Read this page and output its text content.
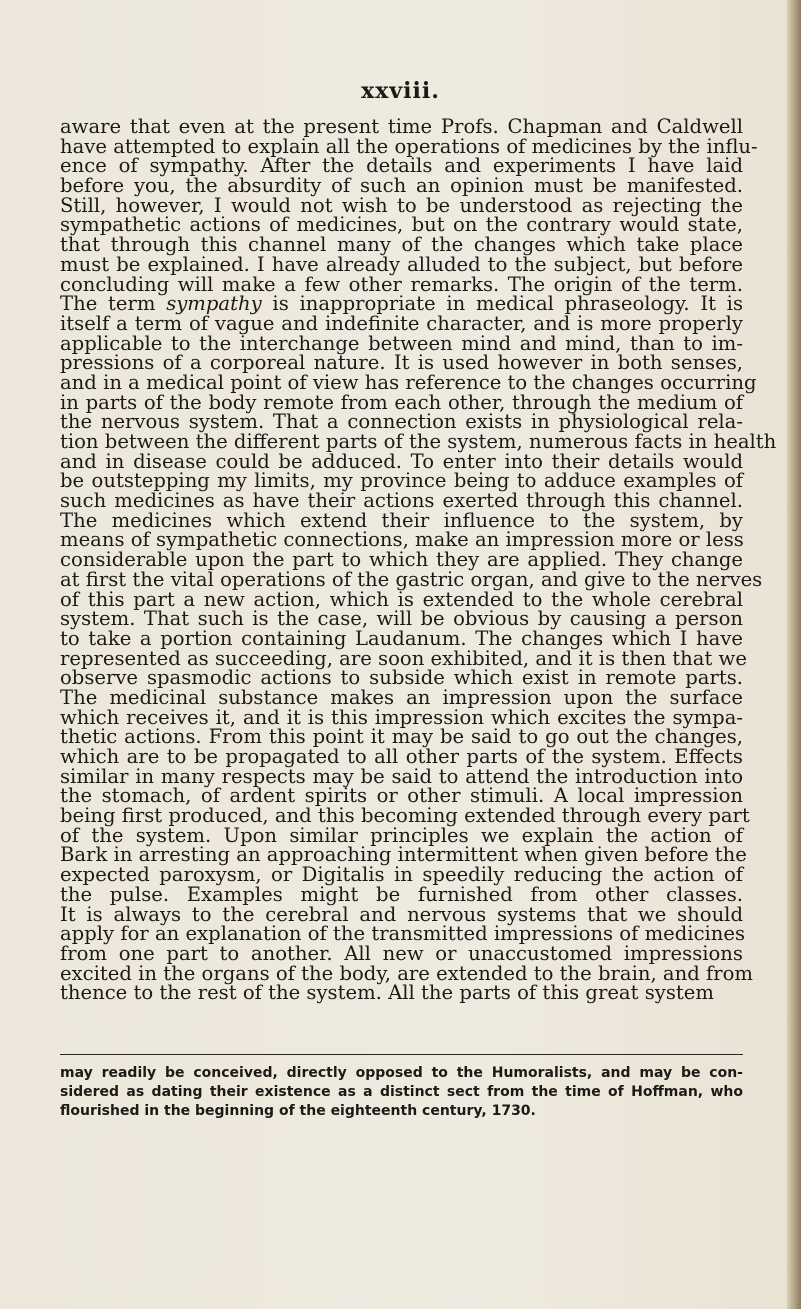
xxviii.
aware that even at the present time Profs. Chapman and Caldwell
have attempted to explain all the operations of medicines by the influ-
ence of sympathy. After the details and experiments I have laid
before you, the absurdity of such an opinion must be manifested.
Still, however, I would not wish to be understood as rejecting the
sympathetic actions of medicines, but on the contrary would state,
that through this channel many of the changes which take place
must be explained. I have already alluded to the subject, but before
concluding will make a few other remarks. The origin of the term.
The term sympathy is inappropriate in medical phraseology. It is
itself a term of vague and indefinite character, and is more properly
applicable to the interchange between mind and mind, than to im-
pressions of a corporeal nature. It is used however in both senses,
and in a medical point of view has reference to the changes occurring
in parts of the body remote from each other, through the medium of
the nervous system. That a connection exists in physiological rela-
tion between the different parts of the system, numerous facts in health
and in disease could be adduced. To enter into their details would
be outstepping my limits, my province being to adduce examples of
such medicines as have their actions exerted through this channel.
The medicines which extend their influence to the system, by
means of sympathetic connections, make an impression more or less
considerable upon the part to which they are applied. They change
at first the vital operations of the gastric organ, and give to the nerves
of this part a new action, which is extended to the whole cerebral
system. That such is the case, will be obvious by causing a person
to take a portion containing Laudanum. The changes which I have
represented as succeeding, are soon exhibited, and it is then that we
observe spasmodic actions to subside which exist in remote parts.
The medicinal substance makes an impression upon the surface
which receives it, and it is this impression which excites the sympa-
thetic actions. From this point it may be said to go out the changes,
which are to be propagated to all other parts of the system. Effects
similar in many respects may be said to attend the introduction into
the stomach, of ardent spirits or other stimuli. A local impression
being first produced, and this becoming extended through every part
of the system. Upon similar principles we explain the action of
Bark in arresting an approaching intermittent when given before the
expected paroxysm, or Digitalis in speedily reducing the action of
the pulse. Examples might be furnished from other classes.
It is always to the cerebral and nervous systems that we should
apply for an explanation of the transmitted impressions of medicines
from one part to another. All new or unaccustomed impressions
excited in the organs of the body, are extended to the brain, and from
thence to the rest of the system. All the parts of this great system
may readily be conceived, directly opposed to the Humoralists, and may be con-
sidered as dating their existence as a distinct sect from the time of Hoffman, who
flourished in the beginning of the eighteenth century, 1730.
